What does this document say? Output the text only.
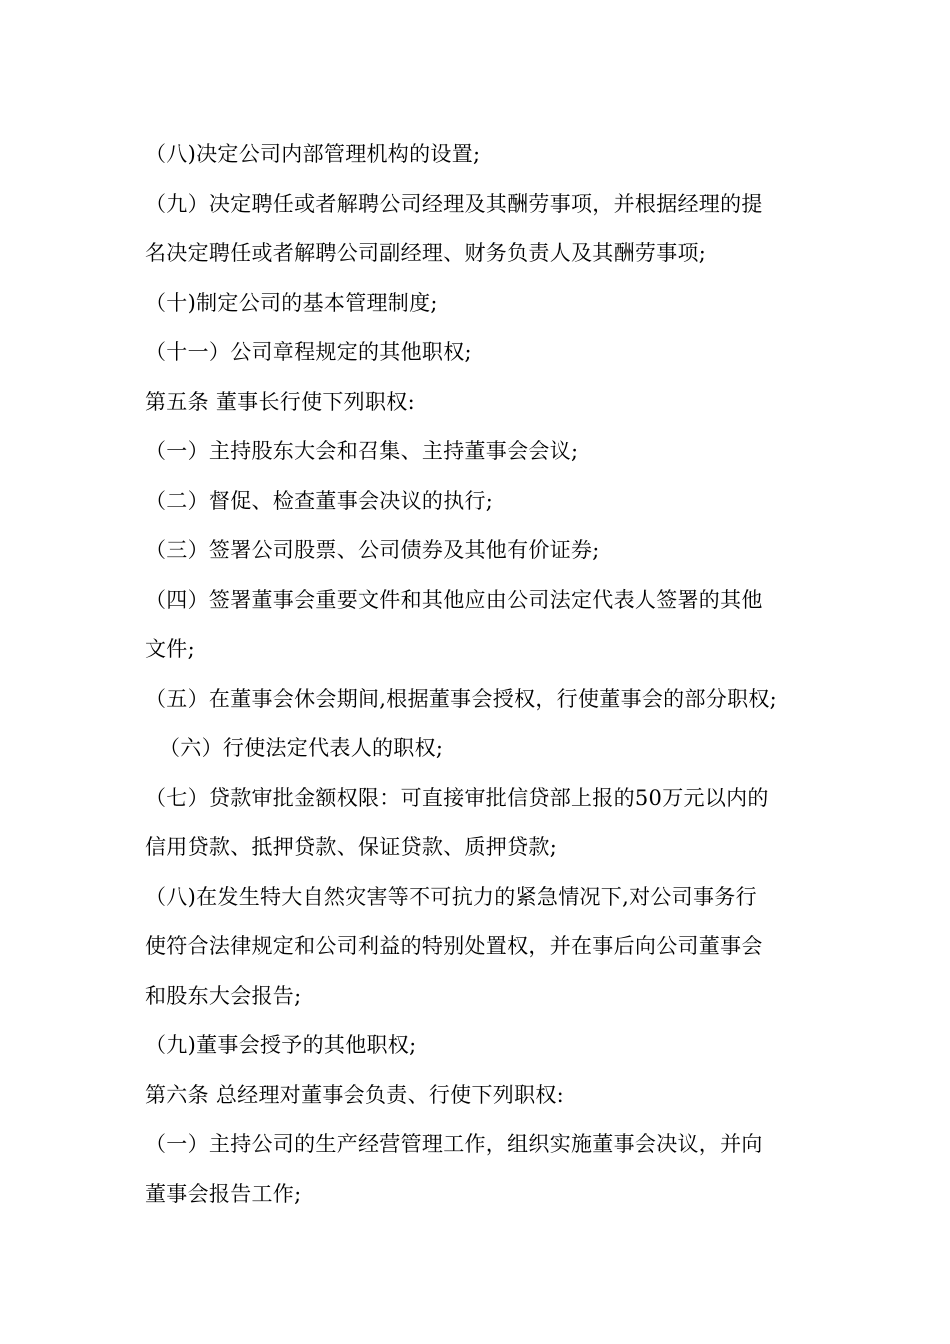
（八)决定公司内部管理机构的设置;
（九）决定聘任或者解聘公司经理及其酬劳事项，并根据经理的提
名决定聘任或者解聘公司副经理、财务负责人及其酬劳事项;
（十)制定公司的基本管理制度;
（十一）公司章程规定的其他职权;
第五条 董事长行使下列职权:
（一）主持股东大会和召集、主持董事会会议;
（二）督促、检查董事会决议的执行;
（三）签署公司股票、公司债券及其他有价证券;
（四）签署董事会重要文件和其他应由公司法定代表人签署的其他
文件;
（五）在董事会休会期间,根据董事会授权，行使董事会的部分职权;
（六）行使法定代表人的职权;
（七）贷款审批金额权限：可直接审批信贷部上报的50万元以内的
信用贷款、抵押贷款、保证贷款、质押贷款;
（八)在发生特大自然灾害等不可抗力的紧急情况下,对公司事务行
使符合法律规定和公司利益的特别处置权，并在事后向公司董事会
和股东大会报告;
（九)董事会授予的其他职权;
第六条 总经理对董事会负责、行使下列职权:
（一）主持公司的生产经营管理工作，组织实施董事会决议，并向
董事会报告工作;
